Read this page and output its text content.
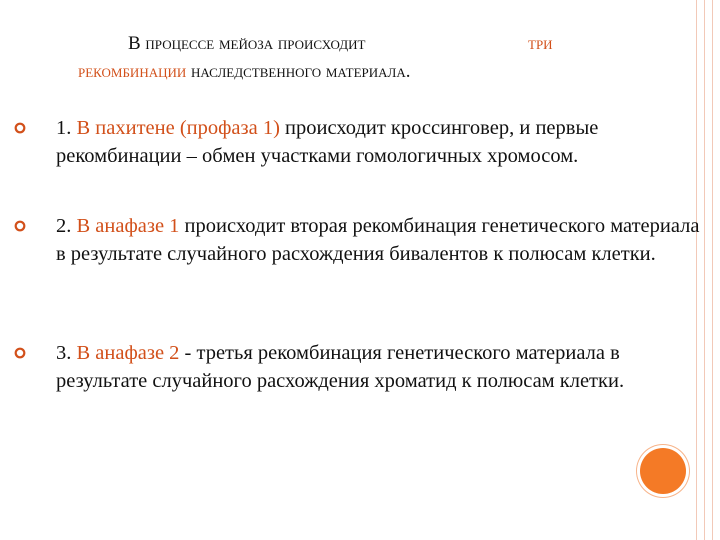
В процессе мейоза происходит	три
рекомбинации наследственного материала.
1. В пахитене (профаза 1) происходит кроссинговер, и первые рекомбинации – обмен участками гомологичных хромосом.
2. В анафазе 1 происходит вторая рекомбинация генетического материала в результате случайного расхождения бивалентов к полюсам клетки.
3. В анафазе 2 - третья рекомбинация генетического материала в результате случайного расхождения хроматид к полюсам клетки.
